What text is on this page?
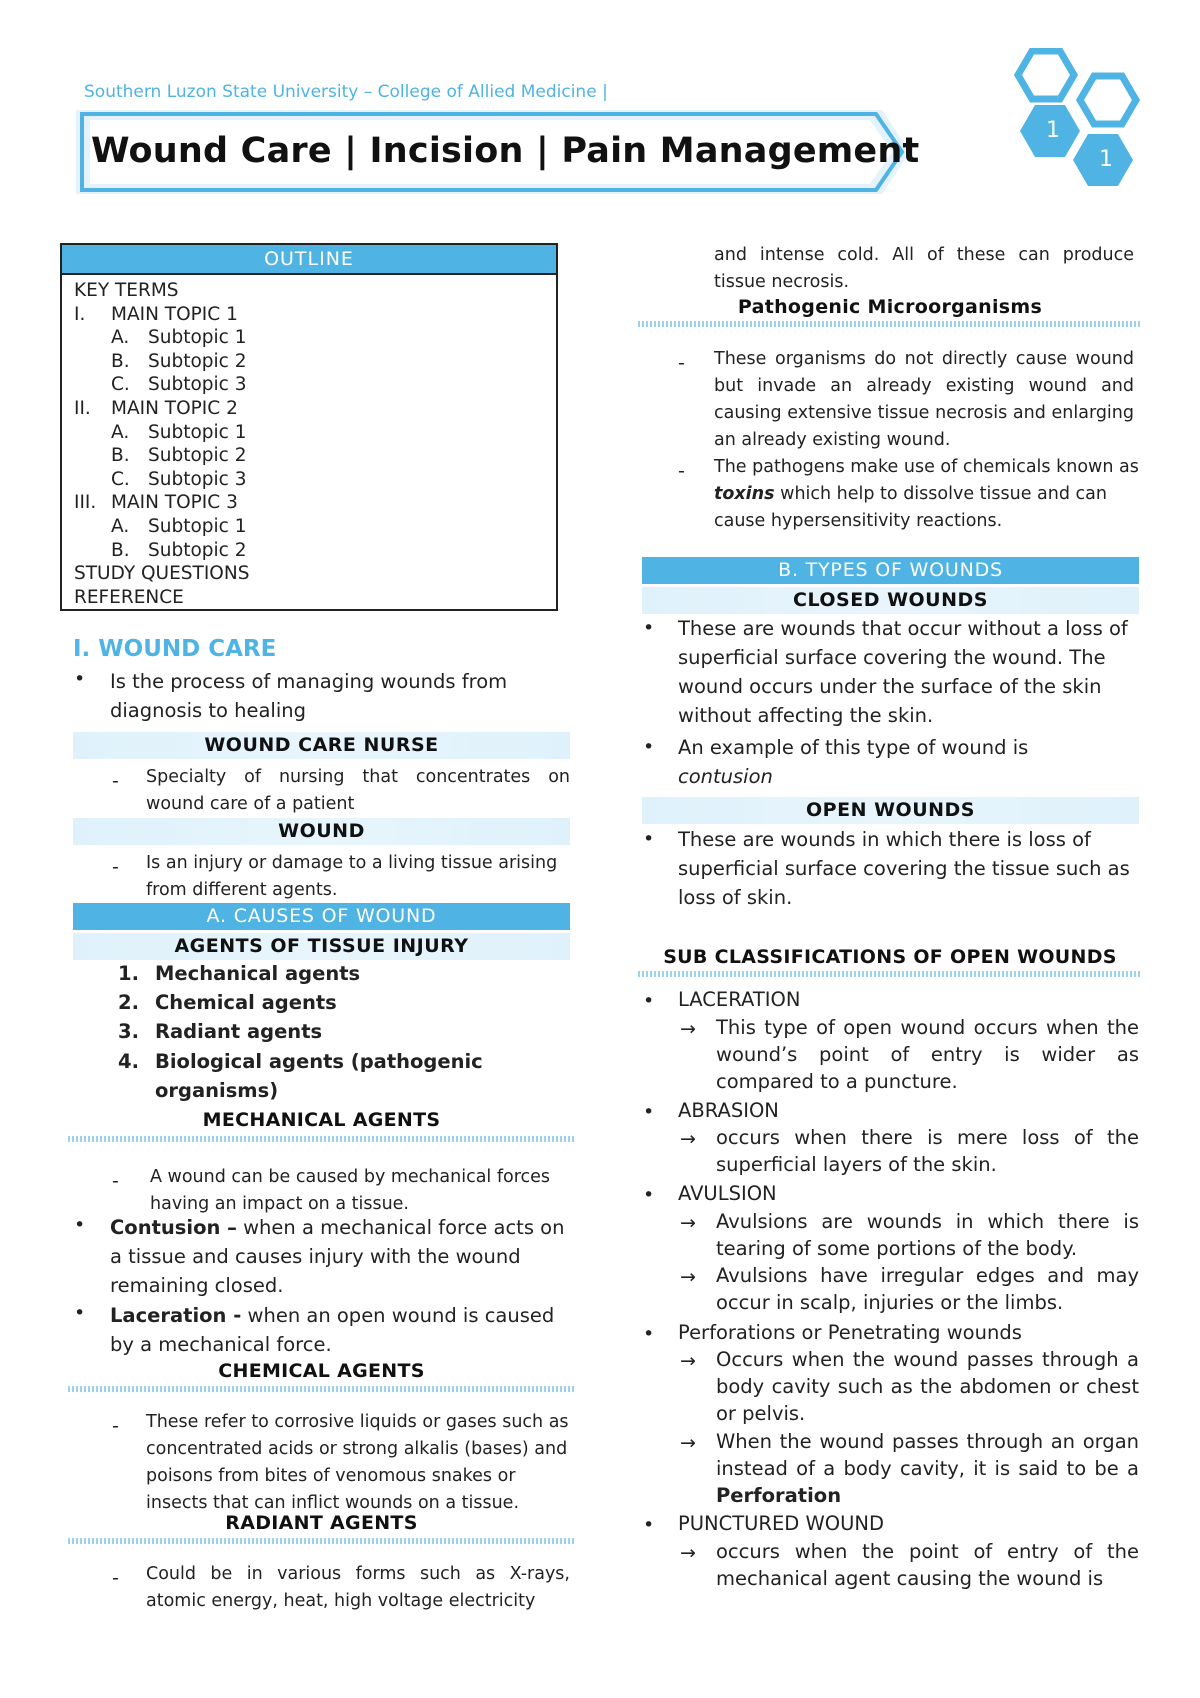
Southern Luzon State University – College of Allied Medicine |
Wound Care | Incision | Pain Management
1
1
OUTLINE
KEY TERMS
I.	MAIN TOPIC 1
A.	Subtopic 1
B. Subtopic 2
C. Subtopic 3
II.	MAIN TOPIC 2
A.	Subtopic 1
B. Subtopic 2
C. Subtopic 3
III. MAIN TOPIC 3
A.	Subtopic 1
B. Subtopic 2
STUDY QUESTIONS
REFERENCE
I. WOUND CARE
• Is the process of managing wounds from diagnosis to healing
WOUND CARE NURSE
- Specialty of nursing that concentrates on wound care of a patient
WOUND
- Is an injury or damage to a living tissue arising from different agents.
A. CAUSES OF WOUND
AGENTS OF TISSUE INJURY
1. Mechanical agents
2. Chemical agents
3. Radiant agents
4. Biological agents (pathogenic organisms)
MECHANICAL AGENTS
- A wound can be caused by mechanical forces having an impact on a tissue.
• Contusion – when a mechanical force acts on a tissue and causes injury with the wound remaining closed.
• Laceration - when an open wound is caused by a mechanical force.
CHEMICAL AGENTS
- These refer to corrosive liquids or gases such as concentrated acids or strong alkalis (bases) and poisons from bites of venomous snakes or insects that can inflict wounds on a tissue.
RADIANT AGENTS
- Could be in various forms such as X-rays, atomic energy, heat, high voltage electricity
and intense cold. All of these can produce tissue necrosis.
Pathogenic Microorganisms
- These organisms do not directly cause wound but invade an already existing wound and causing extensive tissue necrosis and enlarging an already existing wound.
- The pathogens make use of chemicals known as toxins which help to dissolve tissue and can cause hypersensitivity reactions.
B. TYPES OF WOUNDS
CLOSED WOUNDS
• These are wounds that occur without a loss of superficial surface covering the wound. The wound occurs under the surface of the skin without affecting the skin.
• An example of this type of wound is contusion
OPEN WOUNDS
• These are wounds in which there is loss of superficial surface covering the tissue such as loss of skin.
SUB CLASSIFICATIONS OF OPEN WOUNDS
• LACERATION
→ This type of open wound occurs when the wound’s point of entry is wider as compared to a puncture.
• ABRASION
→ occurs when there is mere loss of the superficial layers of the skin.
• AVULSION
→ Avulsions are wounds in which there is tearing of some portions of the body.
→ Avulsions have irregular edges and may occur in scalp, injuries or the limbs.
• Perforations or Penetrating wounds
→ Occurs when the wound passes through a body cavity such as the abdomen or chest or pelvis.
→ When the wound passes through an organ instead of a body cavity, it is said to be a Perforation
• PUNCTURED WOUND
→ occurs when the point of entry of the mechanical agent causing the wound is
